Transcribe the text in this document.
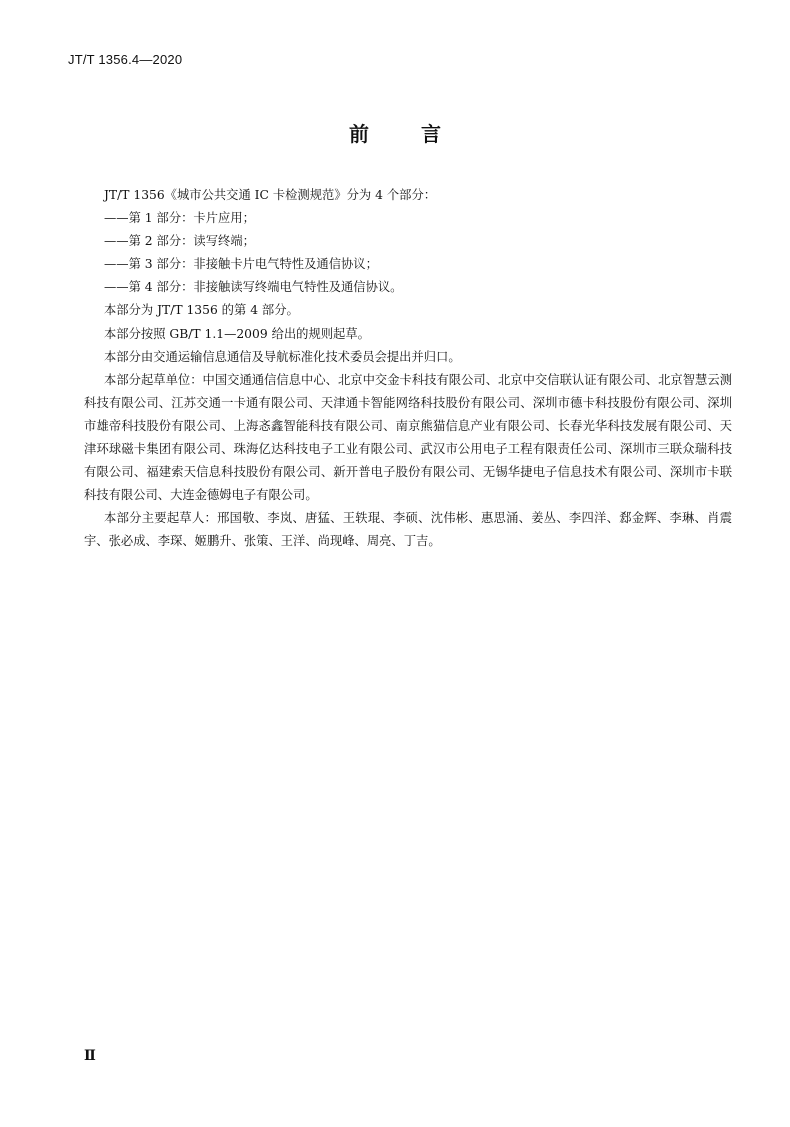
JT/T 1356.4—2020
前	言
JT/T 1356《城市公共交通 IC 卡检测规范》分为 4 个部分：
——第 1 部分：卡片应用；
——第 2 部分：读写终端；
——第 3 部分：非接触卡片电气特性及通信协议；
——第 4 部分：非接触读写终端电气特性及通信协议。
本部分为 JT/T 1356 的第 4 部分。
本部分按照 GB/T 1.1—2009 给出的规则起草。
本部分由交通运输信息通信及导航标准化技术委员会提出并归口。
本部分起草单位：中国交通通信信息中心、北京中交金卡科技有限公司、北京中交信联认证有限公司、北京智慧云测科技有限公司、江苏交通一卡通有限公司、天津通卡智能网络科技股份有限公司、深圳市德卡科技股份有限公司、深圳市雄帝科技股份有限公司、上海忞鑫智能科技有限公司、南京熊猫信息产业有限公司、长春光华科技发展有限公司、天津环球磁卡集团有限公司、珠海亿达科技电子工业有限公司、武汉市公用电子工程有限责任公司、深圳市三联众瑞科技有限公司、福建索天信息科技股份有限公司、新开普电子股份有限公司、无锡华捷电子信息技术有限公司、深圳市卡联科技有限公司、大连金德姆电子有限公司。
本部分主要起草人：邢国敬、李岚、唐猛、王轶琨、李硕、沈伟彬、惠思涌、姜丛、李四洋、郄金辉、李琳、肖震宇、张必成、李琛、姬鹏升、张策、王洋、尚现峰、周亮、丁吉。
Ⅱ
